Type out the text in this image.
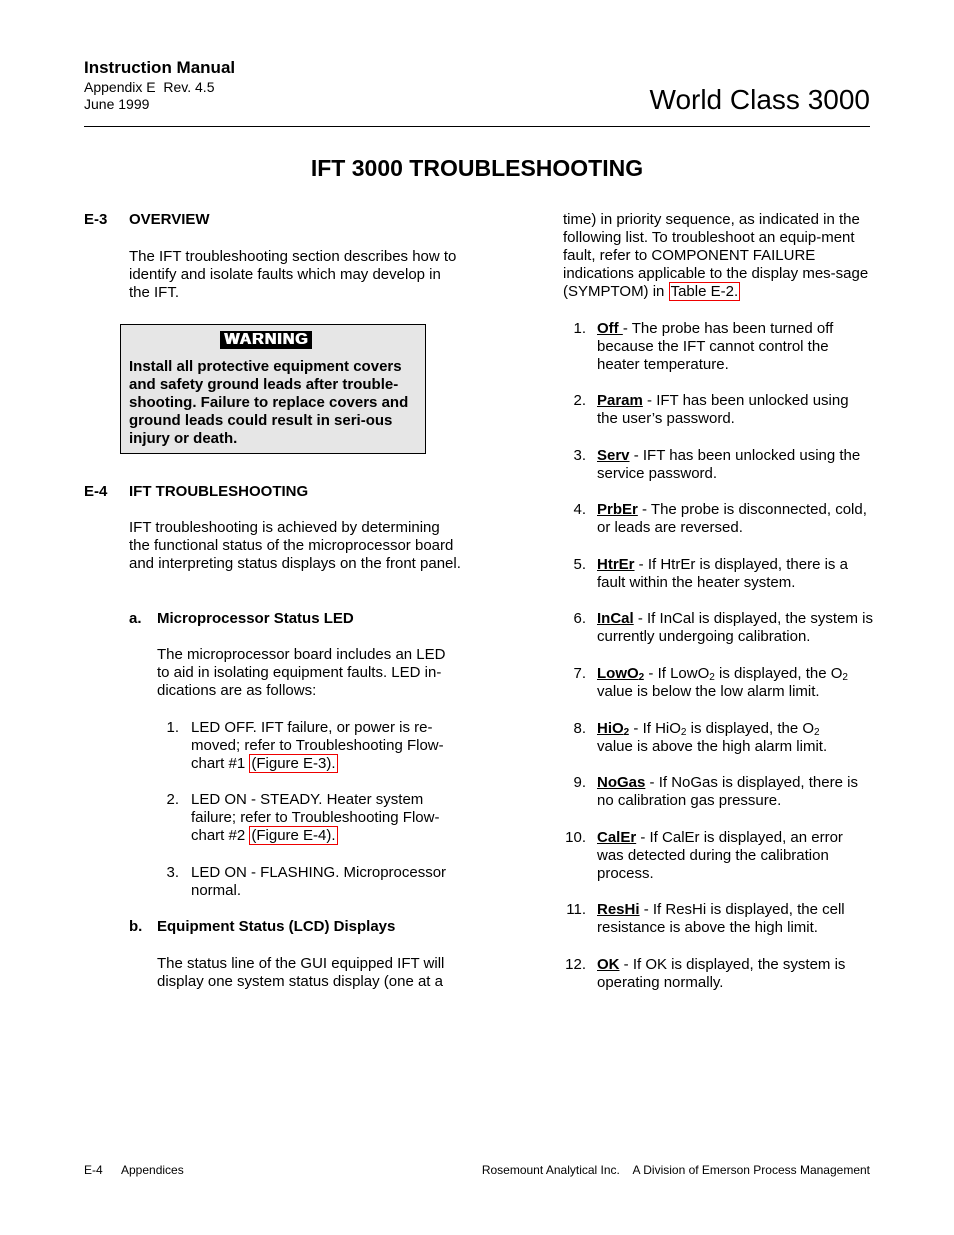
Instruction Manual
Appendix E  Rev. 4.5
June 1999	World Class 3000
IFT 3000 TROUBLESHOOTING
E-3 OVERVIEW
The IFT troubleshooting section describes how to identify and isolate faults which may develop in the IFT.
WARNING
Install all protective equipment covers and safety ground leads after trouble-shooting. Failure to replace covers and ground leads could result in seri-ous injury or death.
E-4 IFT TROUBLESHOOTING
IFT troubleshooting is achieved by determining the functional status of the microprocessor board and interpreting status displays on the front panel.
a. Microprocessor Status LED
The microprocessor board includes an LED to aid in isolating equipment faults. LED in-dications are as follows:
1. LED OFF. IFT failure, or power is re-moved; refer to Troubleshooting Flow-chart #1 (Figure E-3).
2. LED ON - STEADY. Heater system failure; refer to Troubleshooting Flow-chart #2 (Figure E-4).
3. LED ON - FLASHING. Microprocessor normal.
b. Equipment Status (LCD) Displays
The status line of the GUI equipped IFT will display one system status display (one at a
time) in priority sequence, as indicated in the following list. To troubleshoot an equip-ment fault, refer to COMPONENT FAILURE indications applicable to the display mes-sage (SYMPTOM) in Table E-2.
1. Off - The probe has been turned off because the IFT cannot control the heater temperature.
2. Param - IFT has been unlocked using the user’s password.
3. Serv - IFT has been unlocked using the service password.
4. PrbEr - The probe is disconnected, cold, or leads are reversed.
5. HtrEr - If HtrEr is displayed, there is a fault within the heater system.
6. InCal - If InCal is displayed, the system is currently undergoing calibration.
7. LowO$_2$ - If LowO$_2$ is displayed, the $O_2$
value is below the low alarm limit.
8. HiO$_2$ - If HiO$_2$ is displayed, the $O_2$
value is above the high alarm limit.
9. NoGas - If NoGas is displayed, there is no calibration gas pressure.
10. CalEr - If CalEr is displayed, an error was detected during the calibration process.
11. ResHi - If ResHi is displayed, the cell resistance is above the high limit.
12. OK - If OK is displayed, the system is operating normally.
E-4 Appendices	Rosemount Analytical Inc.    A Division of Emerson Process Management
